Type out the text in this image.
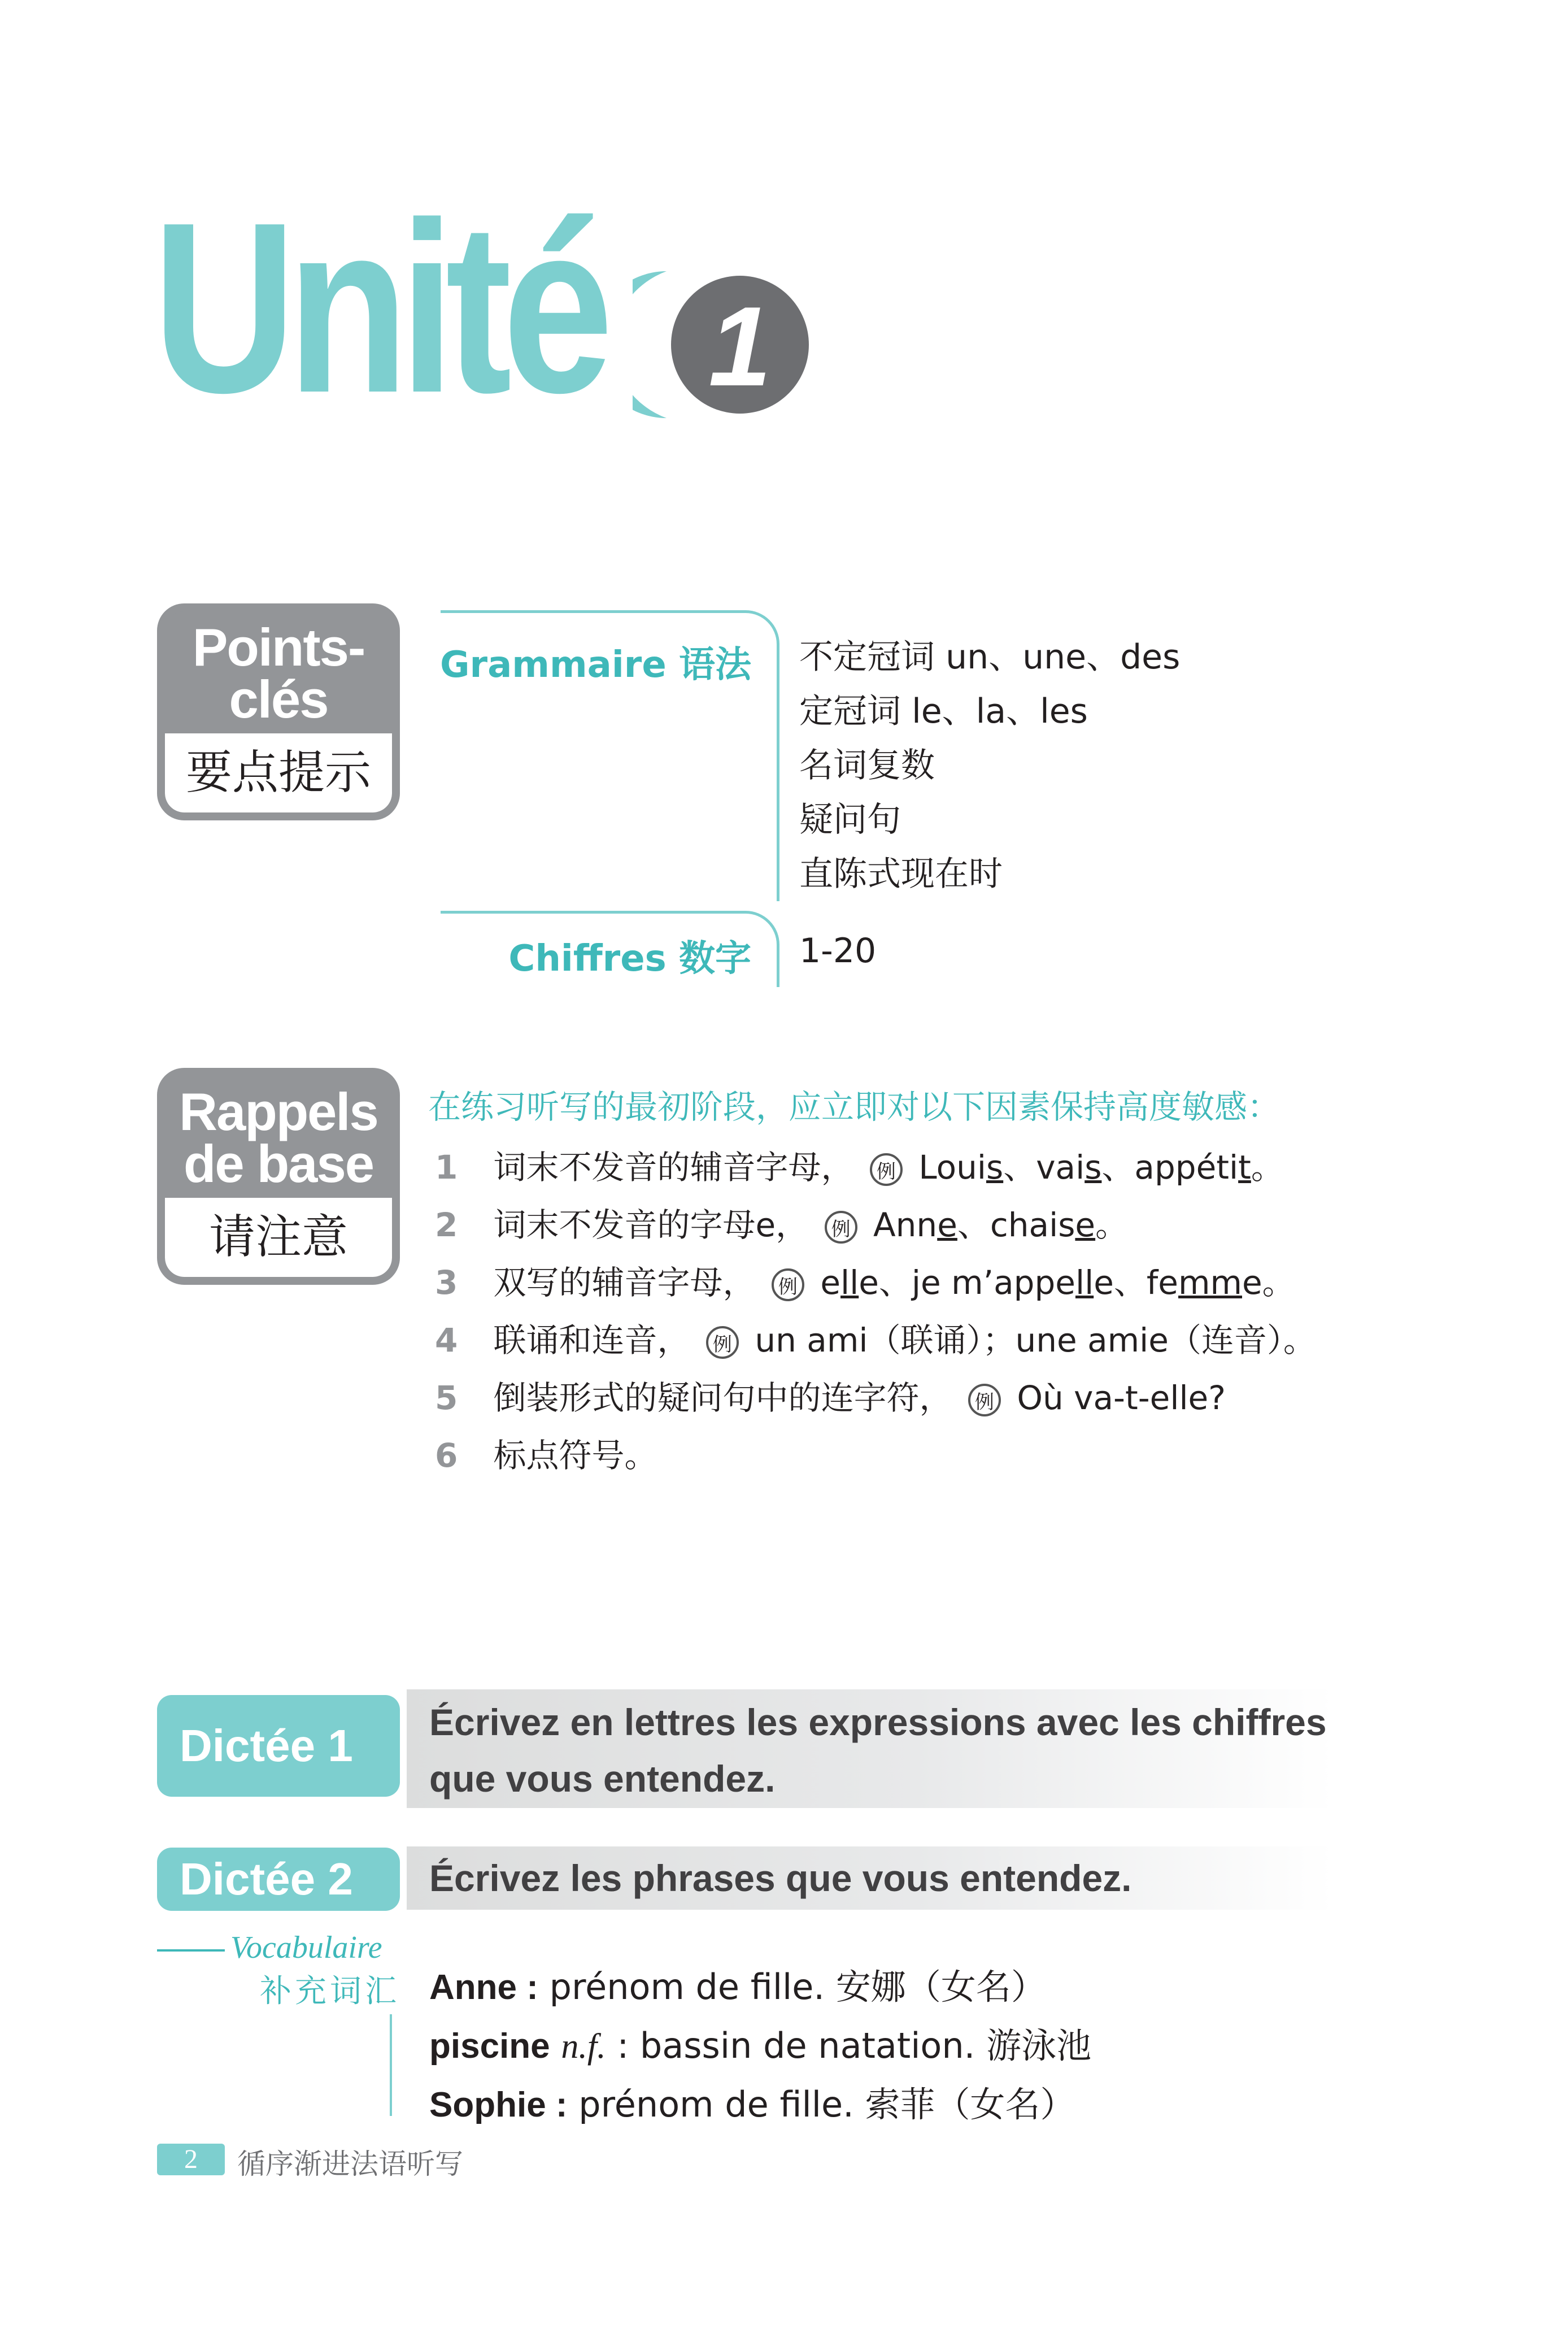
Unité 1
Points-
clés
要点提示
Grammaire 语法 不定冠词 un、une、des
定冠词 le、la、les
名词复数
疑问句
直陈式现在时
Chiffres 数字 1-20
Rappels
de base
请注意
在练习听写的最初阶段，应立即对以下因素保持高度敏感：
1 词末不发音的辅音字母， 例 Louis、vais、appétit。
2 词末不发音的字母e， 例 Anne、chaise。
3 双写的辅音字母， 例 elle、je m’appelle、femme。
4 联诵和连音， 例 un ami（联诵）；une amie（连音）。
5 倒装形式的疑问句中的连字符， 例 Où va-t-elle?
6 标点符号。
Dictée 1	Écrivez en lettres les expressions avec les chiffres
que vous entendez.
Dictée 2	Écrivez les phrases que vous entendez.
Vocabulaire
补充词汇 Anne : prénom de fille. 安娜（女名）
piscine n.f. : bassin de natation. 游泳池
Sophie : prénom de fille. 索菲（女名）
2	循序渐进法语听写
